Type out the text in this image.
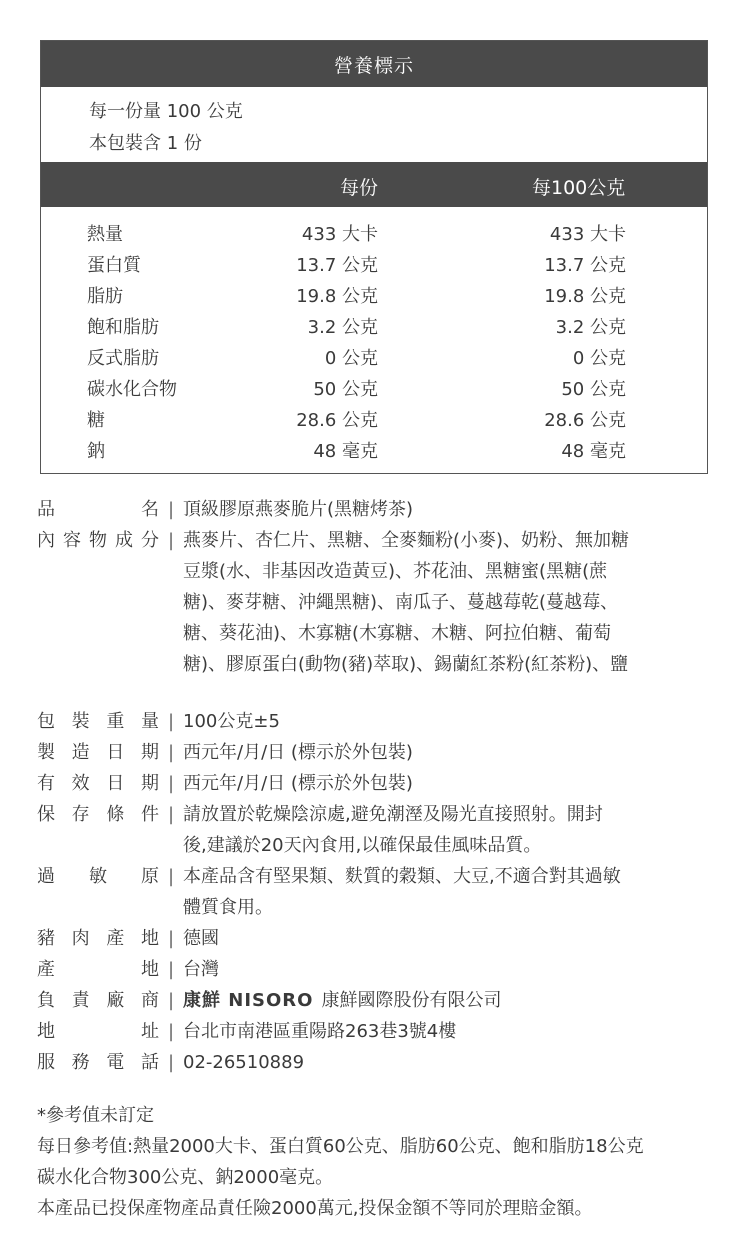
營養標示
每一份量 100 公克
本包裝含 1 份
每份	每100公克
熱量	433 大卡	433 大卡
蛋白質	13.7 公克	13.7 公克
脂肪	19.8 公克	19.8 公克
飽和脂肪	3.2 公克	3.2 公克
反式脂肪	0 公克	0 公克
碳水化合物	50 公克	50 公克
糖	28.6 公克	28.6 公克
鈉	48 毫克	48 毫克
品	名 | 頂級膠原燕麥脆片(黑糖烤茶)
內 容 物 成 分 | 燕麥片、杏仁片、黑糖、全麥麵粉(小麥)、奶粉、無加糖
豆漿(水、非基因改造黃豆)、芥花油、黑糖蜜(黑糖(蔗
糖)、麥芽糖、沖繩黑糖)、南瓜子、蔓越莓乾(蔓越莓、
糖、葵花油)、木寡糖(木寡糖、木糖、阿拉伯糖、葡萄
糖)、膠原蛋白(動物(豬)萃取)、錫蘭紅茶粉(紅茶粉)、鹽
包 裝 重 量 | 100公克±5
製 造 日 期 | 西元年/月/日 (標示於外包裝)
有 效 日 期 | 西元年/月/日 (標示於外包裝)
保 存 條 件 | 請放置於乾燥陰涼處,避免潮溼及陽光直接照射。開封
後,建議於20天內食用,以確保最佳風味品質。
過 敏 原 | 本產品含有堅果類、麩質的穀類、大豆,不適合對其過敏
體質食用。
豬 肉 產 地 | 德國
產	地 | 台灣
負 責 廠 商 | 康鮮 NISORO 康鮮國際股份有限公司
地	址 | 台北市南港區重陽路263巷3號4樓
服 務 電 話 | 02-26510889
*參考值未訂定
每日參考值:熱量2000大卡、蛋白質60公克、脂肪60公克、飽和脂肪18公克
碳水化合物300公克、鈉2000毫克。
本產品已投保產物產品責任險2000萬元,投保金額不等同於理賠金額。
